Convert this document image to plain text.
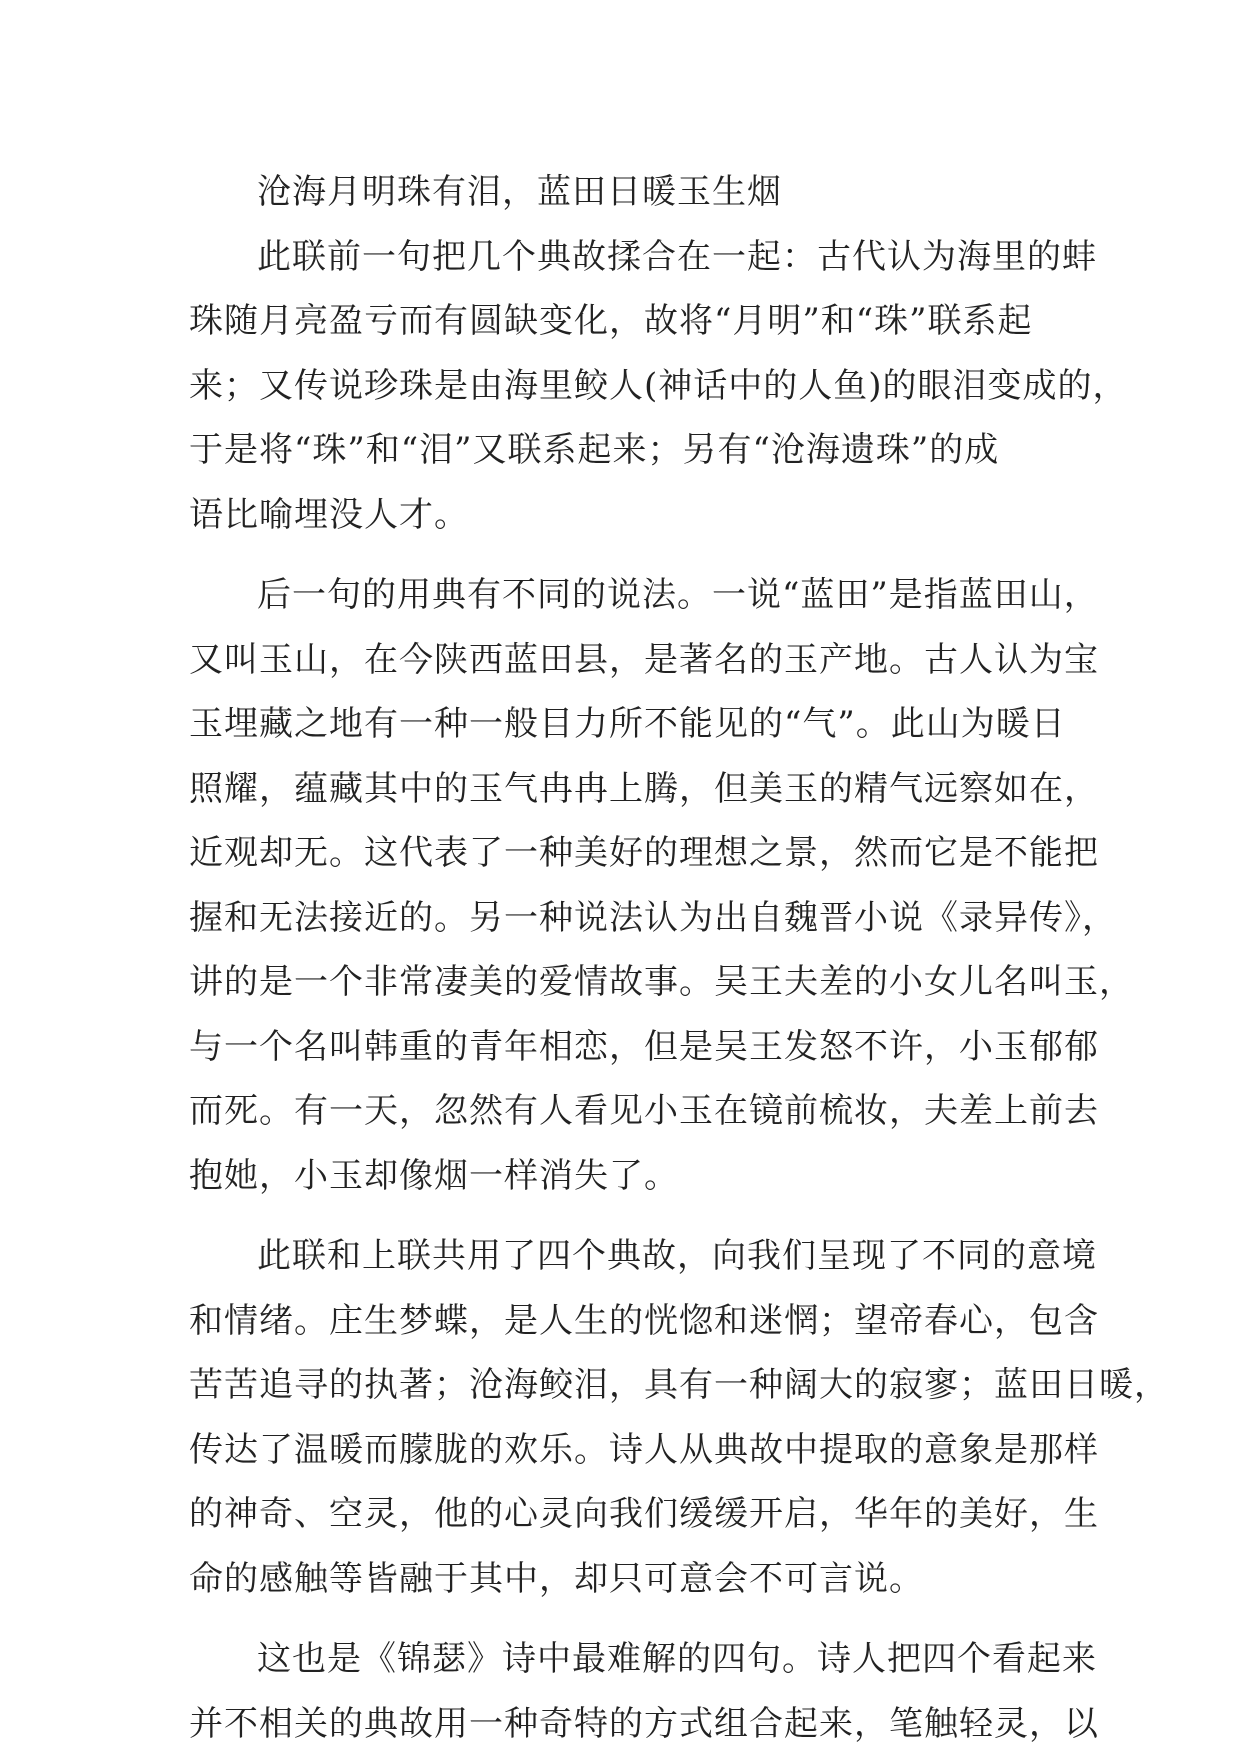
沧海月明珠有泪，蓝田日暖玉生烟
此联前一句把几个典故揉合在一起：古代认为海里的蚌
珠随月亮盈亏而有圆缺变化，故将“月明”和“珠”联系起
来；又传说珍珠是由海里鲛人(神话中的人鱼)的眼泪变成的，
于是将“珠”和“泪”又联系起来；另有“沧海遗珠”的成
语比喻埋没人才。
后一句的用典有不同的说法。一说“蓝田”是指蓝田山，
又叫玉山，在今陕西蓝田县，是著名的玉产地。古人认为宝
玉埋藏之地有一种一般目力所不能见的“气”。此山为暖日
照耀，蕴藏其中的玉气冉冉上腾，但美玉的精气远察如在，
近观却无。这代表了一种美好的理想之景，然而它是不能把
握和无法接近的。另一种说法认为出自魏晋小说《录异传》，
讲的是一个非常凄美的爱情故事。吴王夫差的小女儿名叫玉，
与一个名叫韩重的青年相恋，但是吴王发怒不许，小玉郁郁
而死。有一天，忽然有人看见小玉在镜前梳妆，夫差上前去
抱她，小玉却像烟一样消失了。
此联和上联共用了四个典故，向我们呈现了不同的意境
和情绪。庄生梦蝶，是人生的恍惚和迷惘；望帝春心，包含
苦苦追寻的执著；沧海鲛泪，具有一种阔大的寂寥；蓝田日暖，
传达了温暖而朦胧的欢乐。诗人从典故中提取的意象是那样
的神奇、空灵，他的心灵向我们缓缓开启，华年的美好，生
命的感触等皆融于其中，却只可意会不可言说。
这也是《锦瑟》诗中最难解的四句。诗人把四个看起来
并不相关的典故用一种奇特的方式组合起来，笔触轻灵，以
